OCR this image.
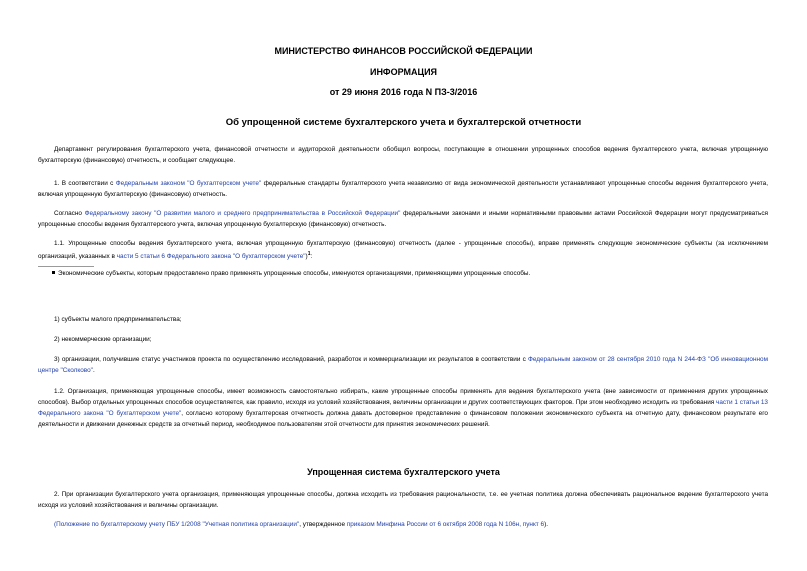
МИНИСТЕРСТВО ФИНАНСОВ РОССИЙСКОЙ ФЕДЕРАЦИИ
ИНФОРМАЦИЯ
от 29 июня 2016 года N ПЗ-3/2016
Об упрощенной системе бухгалтерского учета и бухгалтерской отчетности
Департамент регулирования бухгалтерского учета, финансовой отчетности и аудиторской деятельности обобщил вопросы, поступающие в отношении упрощенных способов ведения бухгалтерского учета, включая упрощенную бухгалтерскую (финансовую) отчетность, и сообщает следующее.
1. В соответствии с Федеральным законом "О бухгалтерском учете" федеральные стандарты бухгалтерского учета независимо от вида экономической деятельности устанавливают упрощенные способы ведения бухгалтерского учета, включая упрощенную бухгалтерскую (финансовую) отчетность.
Согласно Федеральному закону "О развитии малого и среднего предпринимательства в Российской Федерации" федеральными законами и иными нормативными правовыми актами Российской Федерации могут предусматриваться упрощенные способы ведения бухгалтерского учета, включая упрощенную бухгалтерскую (финансовую) отчетность.
1.1. Упрощенные способы ведения бухгалтерского учета, включая упрощенную бухгалтерскую (финансовую) отчетность (далее - упрощенные способы), вправе применять следующие экономические субъекты (за исключением организаций, указанных в части 5 статьи 6 Федерального закона "О бухгалтерском учете")$^1$:
Экономические субъекты, которым предоставлено право применять упрощенные способы, именуются организациями, применяющими упрощенные способы.
1) субъекты малого предпринимательства;
2) некоммерческие организации;
3) организации, получившие статус участников проекта по осуществлению исследований, разработок и коммерциализации их результатов в соответствии с Федеральным законом от 28 сентября 2010 года N 244-ФЗ "Об инновационном центре "Сколково".
1.2. Организация, применяющая упрощенные способы, имеет возможность самостоятельно избирать, какие упрощенные способы применять для ведения бухгалтерского учета (вне зависимости от применения других упрощенных способов). Выбор отдельных упрощенных способов осуществляется, как правило, исходя из условий хозяйствования, величины организации и других соответствующих факторов. При этом необходимо исходить из требования части 1 статьи 13 Федерального закона "О бухгалтерском учете", согласно которому бухгалтерская отчетность должна давать достоверное представление о финансовом положении экономического субъекта на отчетную дату, финансовом результате его деятельности и движении денежных средств за отчетный период, необходимое пользователям этой отчетности для принятия экономических решений.
Упрощенная система бухгалтерского учета
2. При организации бухгалтерского учета организация, применяющая упрощенные способы, должна исходить из требования рациональности, т.е. ее учетная политика должна обеспечивать рациональное ведение бухгалтерского учета исходя из условий хозяйствования и величины организации.
(Положение по бухгалтерскому учету ПБУ 1/2008 "Учетная политика организации", утвержденное приказом Минфина России от 6 октября 2008 года N 106н, пункт 6).
